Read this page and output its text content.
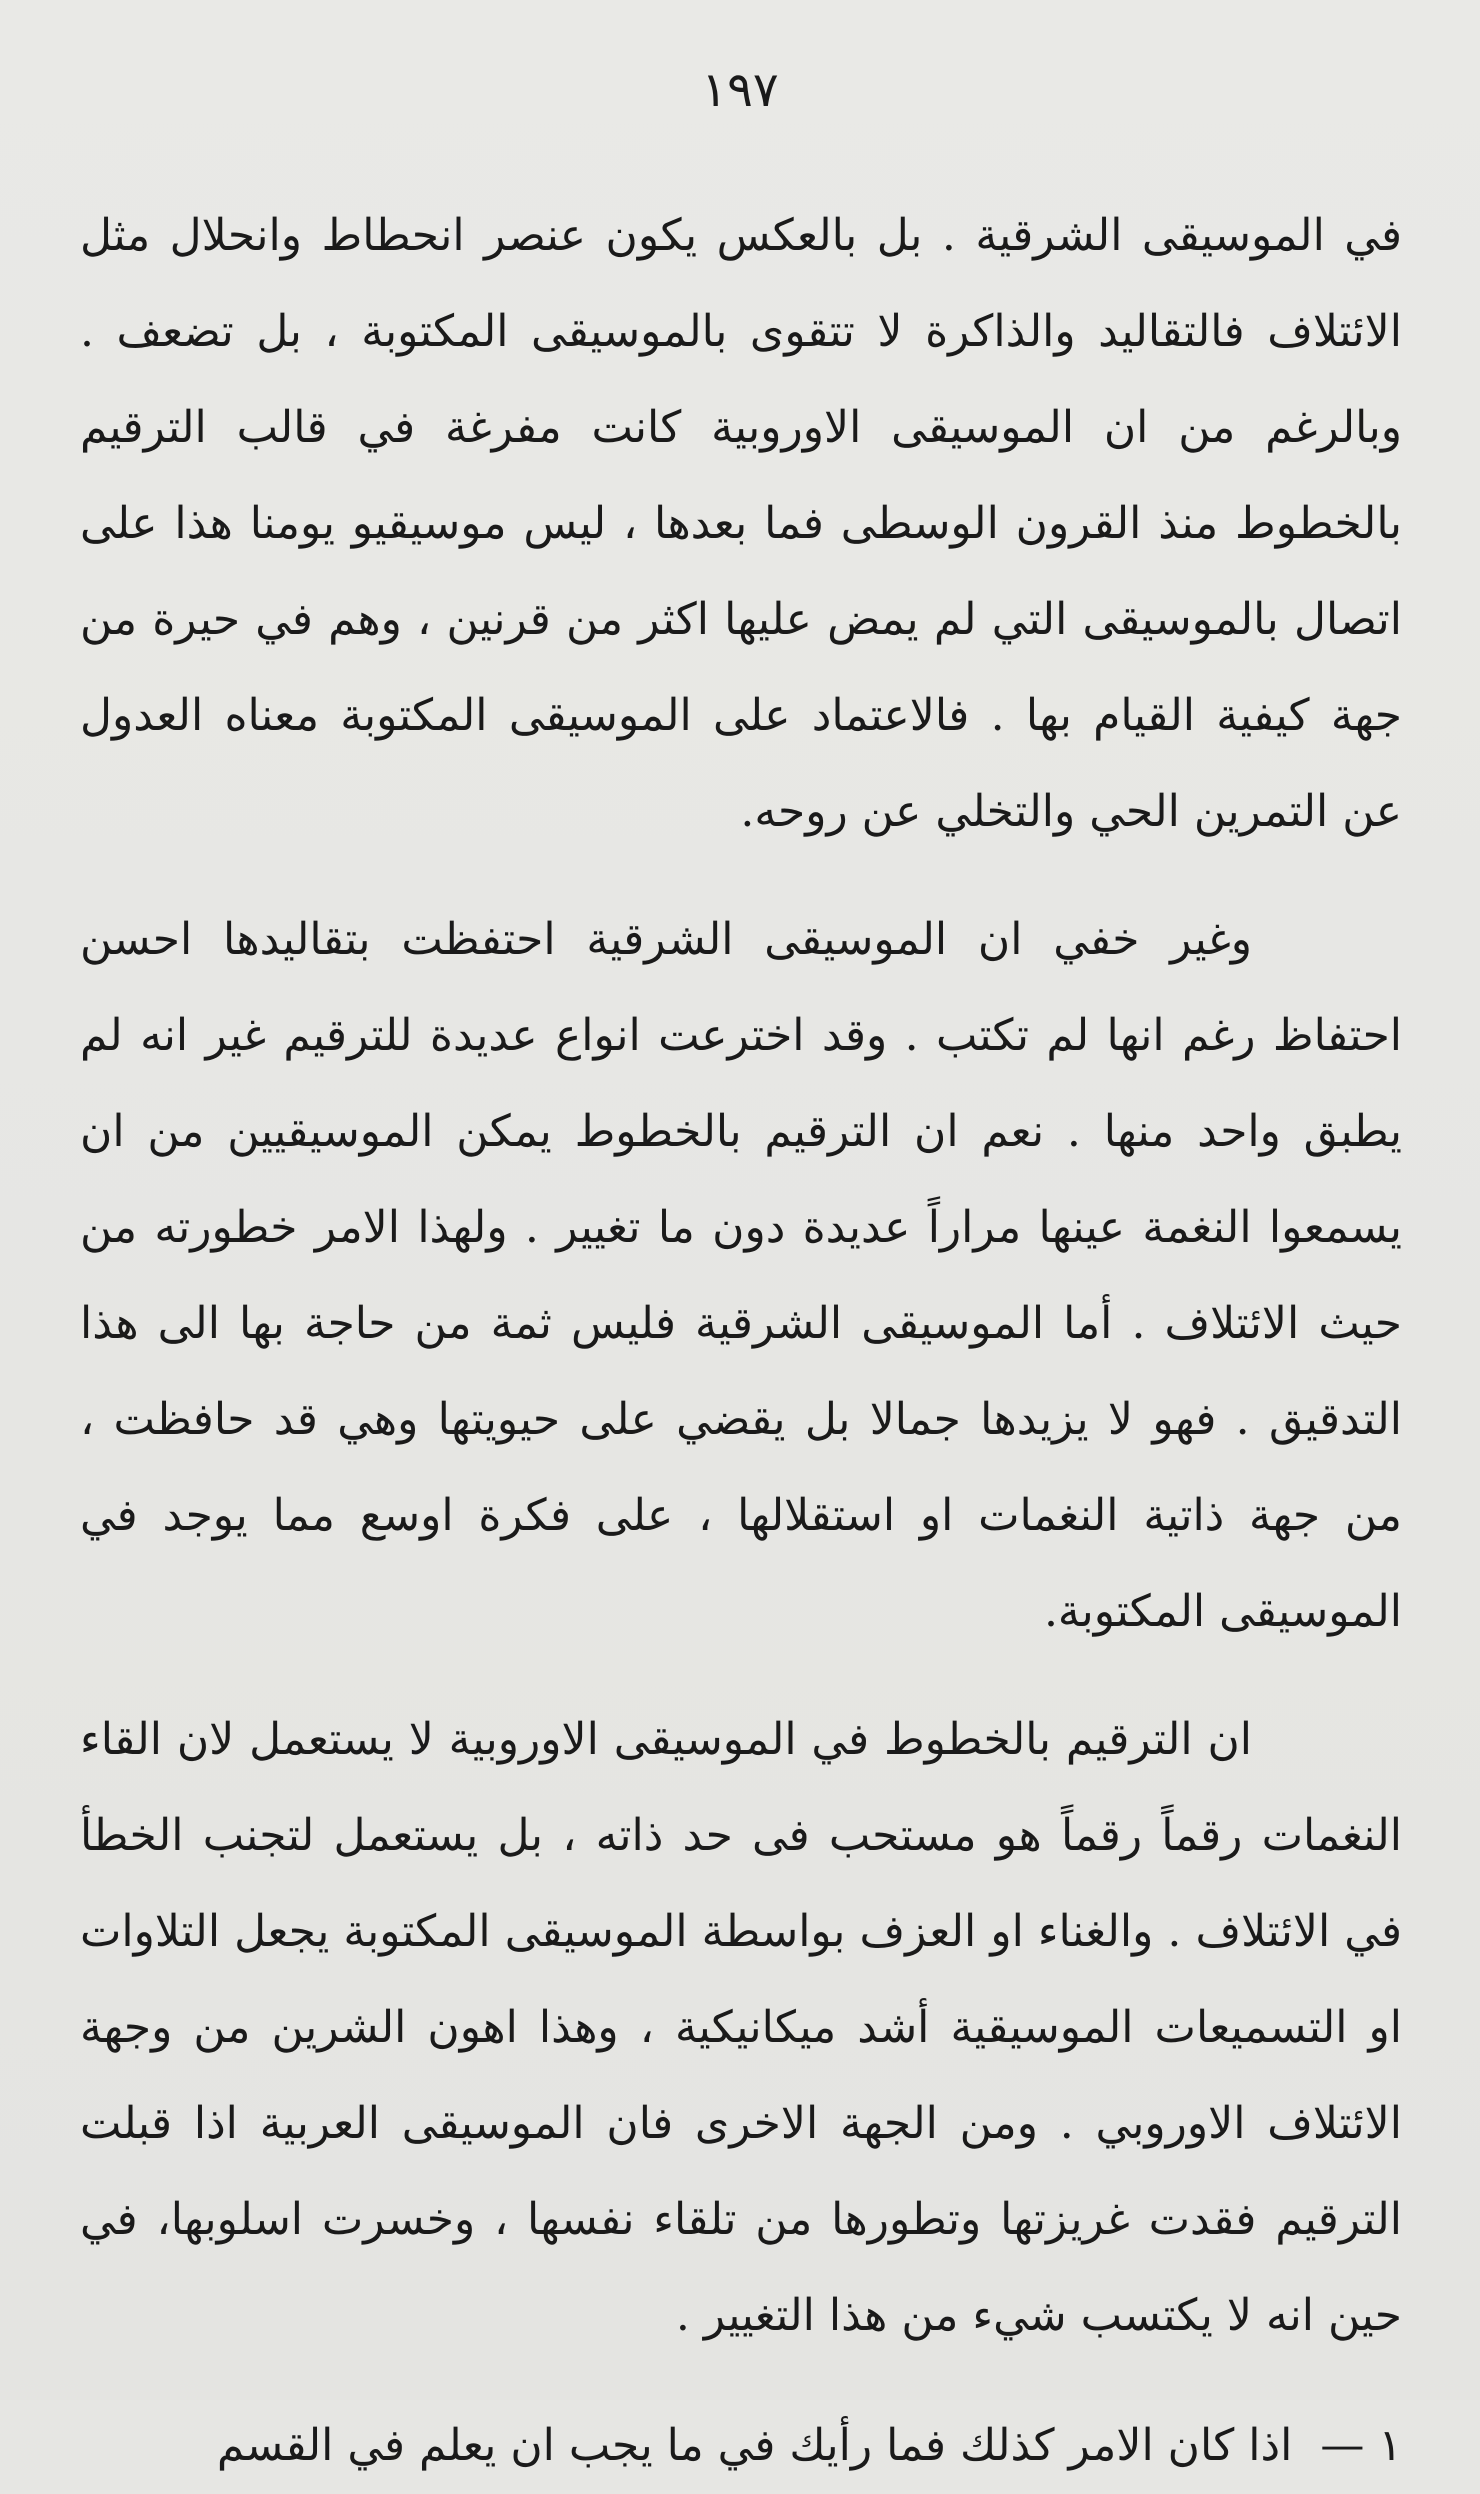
١٩٧

في الموسيقى الشرقية . بل بالعكس يكون عنصر انحطاط وانحلال مثل الائتلاف فالتقاليد والذاكرة لا تتقوى بالموسيقى المكتوبة ، بل تضعف . وبالرغم من ان الموسيقى الاوروبية كانت مفرغة في قالب الترقيم بالخطوط منذ القرون الوسطى فما بعدها ، ليس موسيقيو يومنا هذا على اتصال بالموسيقى التي لم يمض عليها اكثر من قرنين ، وهم في حيرة من جهة كيفية القيام بها . فالاعتماد على الموسيقى المكتوبة معناه العدول عن التمرين الحي والتخلي عن روحه.

وغير خفي ان الموسيقى الشرقية احتفظت بتقاليدها احسن احتفاظ رغم انها لم تكتب . وقد اخترعت انواع عديدة للترقيم غير انه لم يطبق واحد منها . نعم ان الترقيم بالخطوط يمكن الموسيقيين من ان يسمعوا النغمة عينها مراراً عديدة دون ما تغيير . ولهذا الامر خطورته من حيث الائتلاف . أما الموسيقى الشرقية فليس ثمة من حاجة بها الى هذا التدقيق . فهو لا يزيدها جمالا بل يقضي على حيويتها وهي قد حافظت ، من جهة ذاتية النغمات او استقلالها ، على فكرة اوسع مما يوجد في الموسيقى المكتوبة.

ان الترقيم بالخطوط في الموسيقى الاوروبية لا يستعمل لان القاء النغمات رقماً رقماً هو مستحب فى حد ذاته ، بل يستعمل لتجنب الخطأ في الائتلاف . والغناء او العزف بواسطة الموسيقى المكتوبة يجعل التلاوات او التسميعات الموسيقية أشد ميكانيكية ، وهذا اهون الشرين من وجهة الائتلاف الاوروبي . ومن الجهة الاخرى فان الموسيقى العربية اذا قبلت الترقيم فقدت غريزتها وتطورها من تلقاء نفسها ، وخسرت اسلوبها، في حين انه لا يكتسب شيء من هذا التغيير .

١ —
اذا كان الامر كذلك فما رأيك في ما يجب ان يعلم في القسم
